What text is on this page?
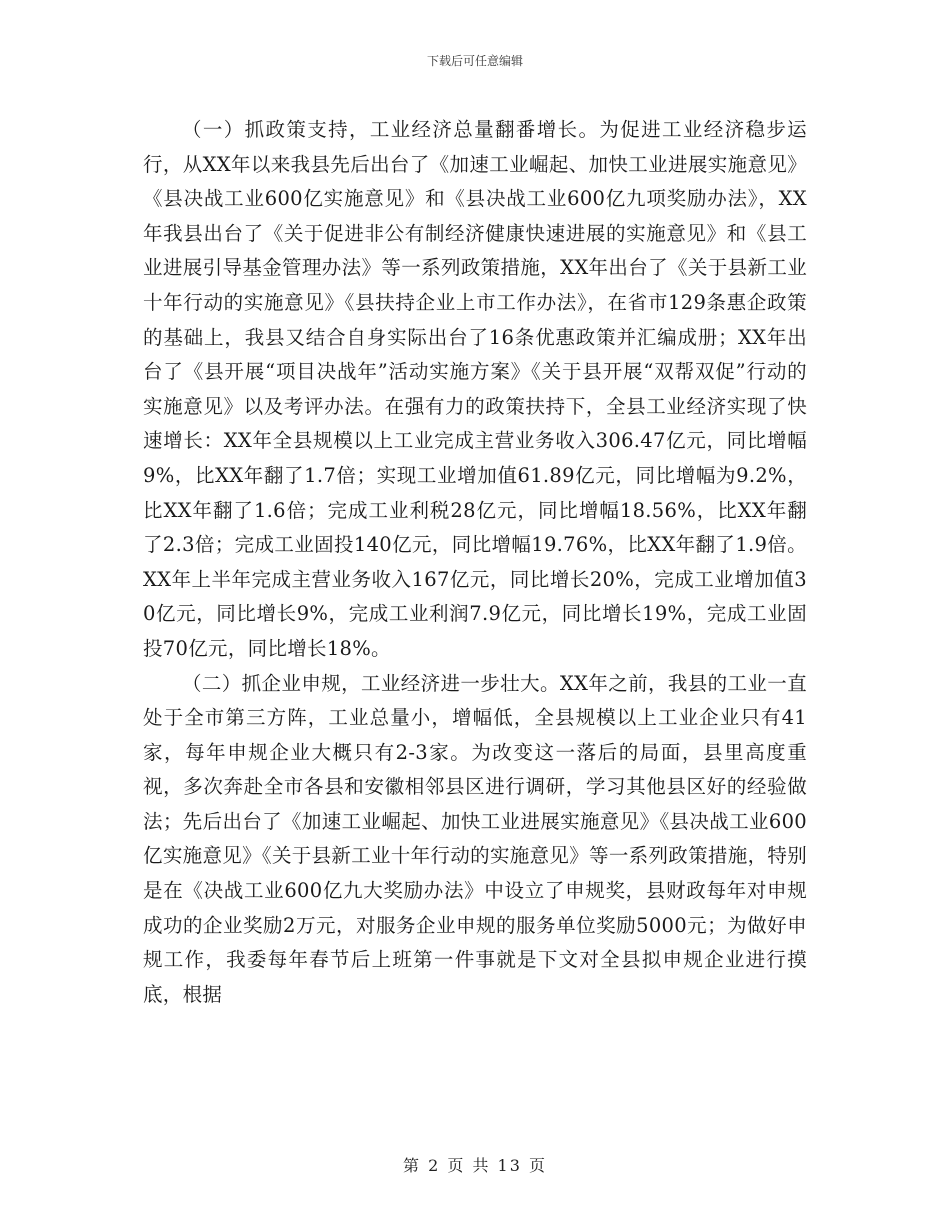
下载后可任意编辑

（一）抓政策支持，工业经济总量翻番增长。为促进工业经济稳步运行，从XX年以来我县先后出台了《加速工业崛起、加快工业进展实施意见》《县决战工业600亿实施意见》和《县决战工业600亿九项奖励办法》，XX年我县出台了《关于促进非公有制经济健康快速进展的实施意见》和《县工业进展引导基金管理办法》等一系列政策措施，XX年出台了《关于县新工业十年行动的实施意见》《县扶持企业上市工作办法》，在省市129条惠企政策的基础上，我县又结合自身实际出台了16条优惠政策并汇编成册；XX年出台了《县开展“项目决战年”活动实施方案》《关于县开展“双帮双促”行动的实施意见》以及考评办法。在强有力的政策扶持下，全县工业经济实现了快速增长：XX年全县规模以上工业完成主营业务收入306.47亿元，同比增幅9%，比XX年翻了1.7倍；实现工业增加值61.89亿元，同比增幅为9.2%，比XX年翻了1.6倍；完成工业利税28亿元，同比增幅18.56%，比XX年翻了2.3倍；完成工业固投140亿元，同比增幅19.76%，比XX年翻了1.9倍。XX年上半年完成主营业务收入167亿元，同比增长20%，完成工业增加值30亿元，同比增长9%，完成工业利润7.9亿元，同比增长19%，完成工业固投70亿元，同比增长18%。

（二）抓企业申规，工业经济进一步壮大。XX年之前，我县的工业一直处于全市第三方阵，工业总量小，增幅低，全县规模以上工业企业只有41家，每年申规企业大概只有2-3家。为改变这一落后的局面，县里高度重视，多次奔赴全市各县和安徽相邻县区进行调研，学习其他县区好的经验做法；先后出台了《加速工业崛起、加快工业进展实施意见》《县决战工业600亿实施意见》《关于县新工业十年行动的实施意见》等一系列政策措施，特别是在《决战工业600亿九大奖励办法》中设立了申规奖，县财政每年对申规成功的企业奖励2万元，对服务企业申规的服务单位奖励5000元；为做好申规工作，我委每年春节后上班第一件事就是下文对全县拟申规企业进行摸底，根据

第 2 页 共 13 页
